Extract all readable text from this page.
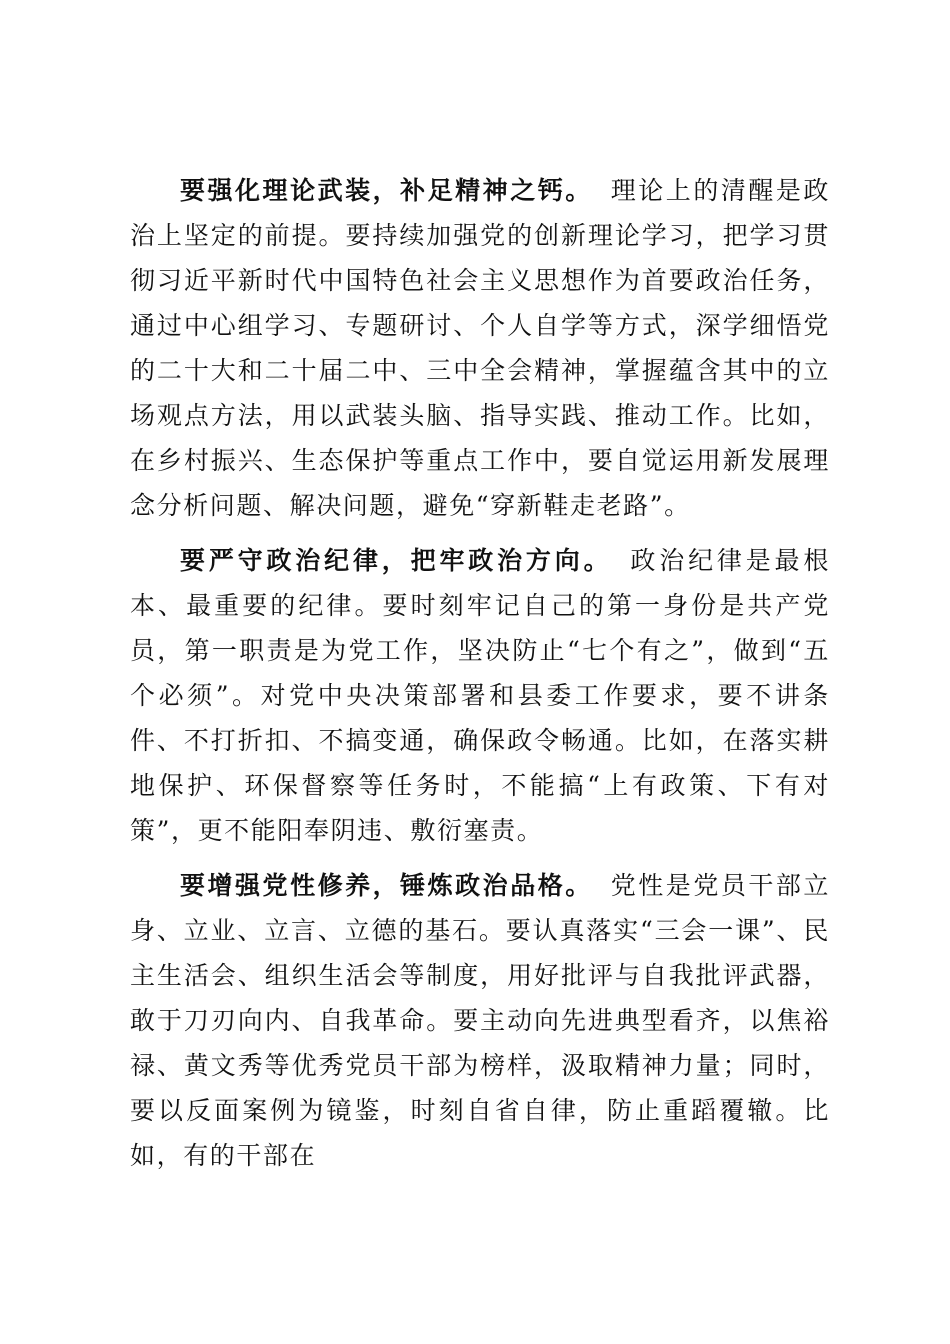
要强化理论武装，补足精神之钙。 理论上的清醒是政治上坚定的前提。要持续加强党的创新理论学习，把学习贯彻习近平新时代中国特色社会主义思想作为首要政治任务，通过中心组学习、专题研讨、个人自学等方式，深学细悟党的二十大和二十届二中、三中全会精神，掌握蕴含其中的立场观点方法，用以武装头脑、指导实践、推动工作。比如，在乡村振兴、生态保护等重点工作中，要自觉运用新发展理念分析问题、解决问题，避免“穿新鞋走老路”。

要严守政治纪律，把牢政治方向。 政治纪律是最根本、最重要的纪律。要时刻牢记自己的第一身份是共产党员，第一职责是为党工作，坚决防止“七个有之”，做到“五个必须”。对党中央决策部署和县委工作要求，要不讲条件、不打折扣、不搞变通，确保政令畅通。比如，在落实耕地保护、环保督察等任务时，不能搞“上有政策、下有对策”，更不能阳奉阴违、敷衍塞责。

要增强党性修养，锤炼政治品格。 党性是党员干部立身、立业、立言、立德的基石。要认真落实“三会一课”、民主生活会、组织生活会等制度，用好批评与自我批评武器，敢于刀刃向内、自我革命。要主动向先进典型看齐，以焦裕禄、黄文秀等优秀党员干部为榜样，汲取精神力量；同时，要以反面案例为镜鉴，时刻自省自律，防止重蹈覆辙。比如，有的干部在
